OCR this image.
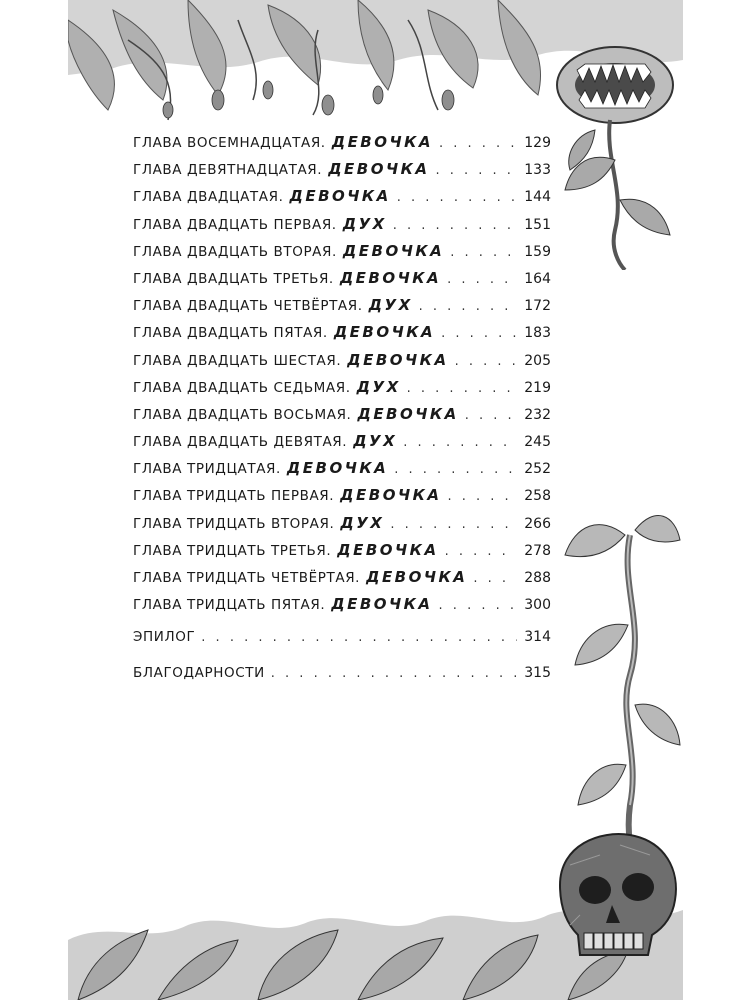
ГЛАВА ВОСЕМНАДЦАТАЯ. ДЕВОЧКА . . .	129
ГЛАВА ДЕВЯТНАДЦАТАЯ. ДЕВОЧКА . . .	133
ГЛАВА ДВАДЦАТАЯ. ДЕВОЧКА . . .	144
ГЛАВА ДВАДЦАТЬ ПЕРВАЯ. ДУХ . . .	151
ГЛАВА ДВАДЦАТЬ ВТОРАЯ. ДЕВОЧКА . . .	159
ГЛАВА ДВАДЦАТЬ ТРЕТЬЯ. ДЕВОЧКА . . .	164
ГЛАВА ДВАДЦАТЬ ЧЕТВЁРТАЯ. ДУХ . . .	172
ГЛАВА ДВАДЦАТЬ ПЯТАЯ. ДЕВОЧКА . . .	183
ГЛАВА ДВАДЦАТЬ ШЕСТАЯ. ДЕВОЧКА . . .	205
ГЛАВА ДВАДЦАТЬ СЕДЬМАЯ. ДУХ . . .	219
ГЛАВА ДВАДЦАТЬ ВОСЬМАЯ. ДЕВОЧКА . . .	232
ГЛАВА ДВАДЦАТЬ ДЕВЯТАЯ. ДУХ . . .	245
ГЛАВА ТРИДЦАТАЯ. ДЕВОЧКА . . .	252
ГЛАВА ТРИДЦАТЬ ПЕРВАЯ. ДЕВОЧКА . . .	258
ГЛАВА ТРИДЦАТЬ ВТОРАЯ. ДУХ . . .	266
ГЛАВА ТРИДЦАТЬ ТРЕТЬЯ. ДЕВОЧКА . . .	278
ГЛАВА ТРИДЦАТЬ ЧЕТВЁРТАЯ. ДЕВОЧКА . . .	288
ГЛАВА ТРИДЦАТЬ ПЯТАЯ. ДЕВОЧКА . . .	300
ЭПИЛОГ . . .	314
БЛАГОДАРНОСТИ . . .	315
